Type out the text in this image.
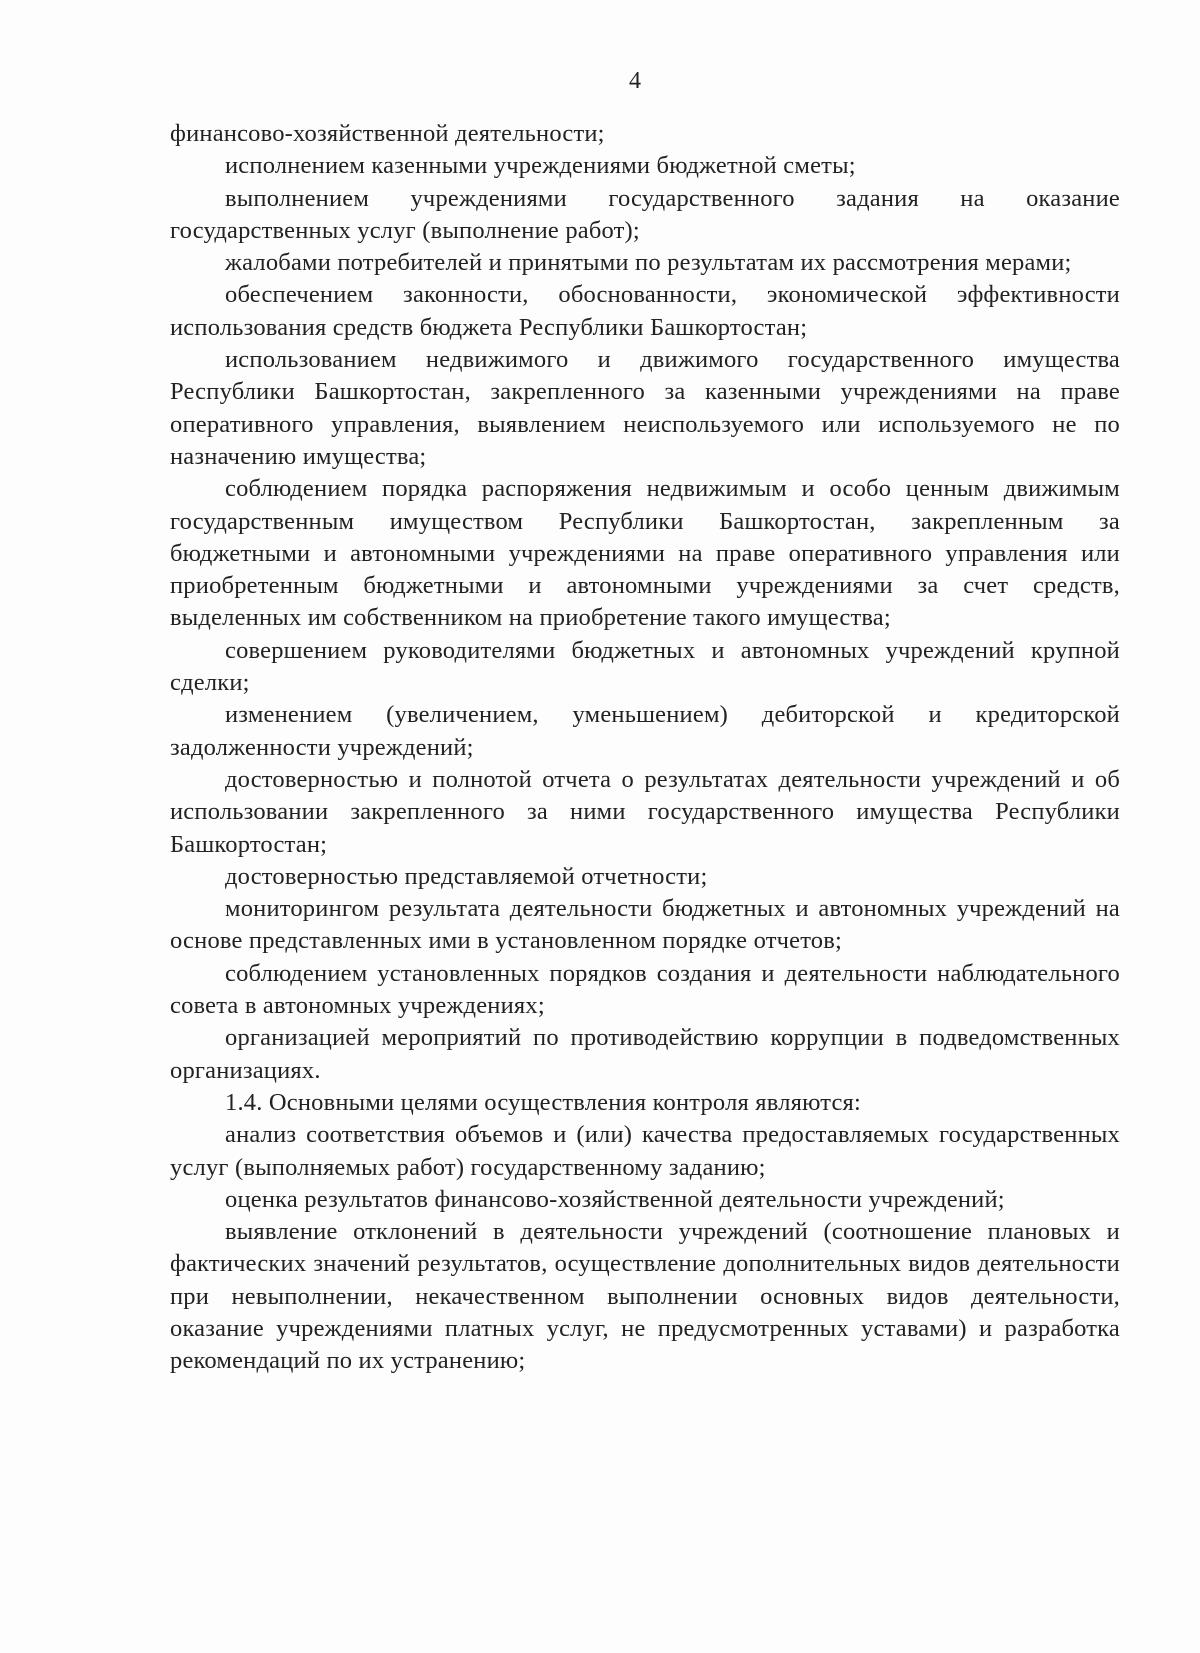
4

финансово-хозяйственной деятельности;

исполнением казенными учреждениями бюджетной сметы;

выполнением учреждениями государственного задания на оказание государственных услуг (выполнение работ);

жалобами потребителей и принятыми по результатам их рассмотрения мерами;

обеспечением законности, обоснованности, экономической эффективности использования средств бюджета Республики Башкортостан;

использованием недвижимого и движимого государственного имущества Республики Башкортостан, закрепленного за казенными учреждениями на праве оперативного управления, выявлением неиспользуемого или используемого не по назначению имущества;

соблюдением порядка распоряжения недвижимым и особо ценным движимым государственным имуществом Республики Башкортостан, закрепленным за бюджетными и автономными учреждениями на праве оперативного управления или приобретенным бюджетными и автономными учреждениями за счет средств, выделенных им собственником на приобретение такого имущества;

совершением руководителями бюджетных и автономных учреждений крупной сделки;

изменением (увеличением, уменьшением) дебиторской и кредиторской задолженности учреждений;

достоверностью и полнотой отчета о результатах деятельности учреждений и об использовании закрепленного за ними государственного имущества Республики Башкортостан;

достоверностью представляемой отчетности;

мониторингом результата деятельности бюджетных и автономных учреждений на основе представленных ими в установленном порядке отчетов;

соблюдением установленных порядков создания и деятельности наблюдательного совета в автономных учреждениях;

организацией мероприятий по противодействию коррупции в подведомственных организациях.

1.4. Основными целями осуществления контроля являются:

анализ соответствия объемов и (или) качества предоставляемых государственных услуг (выполняемых работ) государственному заданию;

оценка результатов финансово-хозяйственной деятельности учреждений;

выявление отклонений в деятельности учреждений (соотношение плановых и фактических значений результатов, осуществление дополнительных видов деятельности при невыполнении, некачественном выполнении основных видов деятельности, оказание учреждениями платных услуг, не предусмотренных уставами) и разработка рекомендаций по их устранению;
